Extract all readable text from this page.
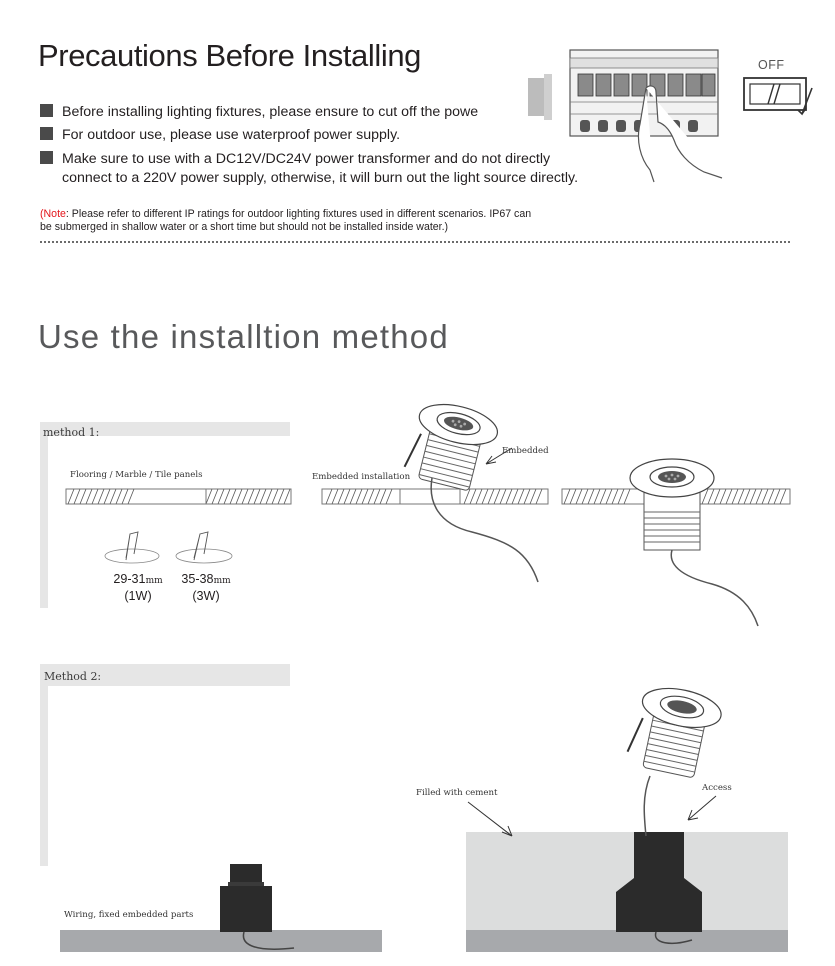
Precautions Before Installing
Before installing lighting fixtures, please ensure to cut off the powe
For outdoor use, please use waterproof power supply.
Make sure to use with a DC12V/DC24V power transformer and do not directly
connect to a 220V power supply, otherwise, it will burn out the light source directly.
(Note: Please refer to different IP ratings for outdoor lighting fixtures used in different scenarios. IP67 can
be submerged in shallow water or a short time but should not be installed inside water.)
OFF
Use the installtion method
method 1:
Flooring / Marble / Tile panels
29-31mm
(1W)
35-38mm
(3W)
Embedded installation
Embedded
Method 2:
Wiring, fixed embedded parts
Filled with cement	Access
